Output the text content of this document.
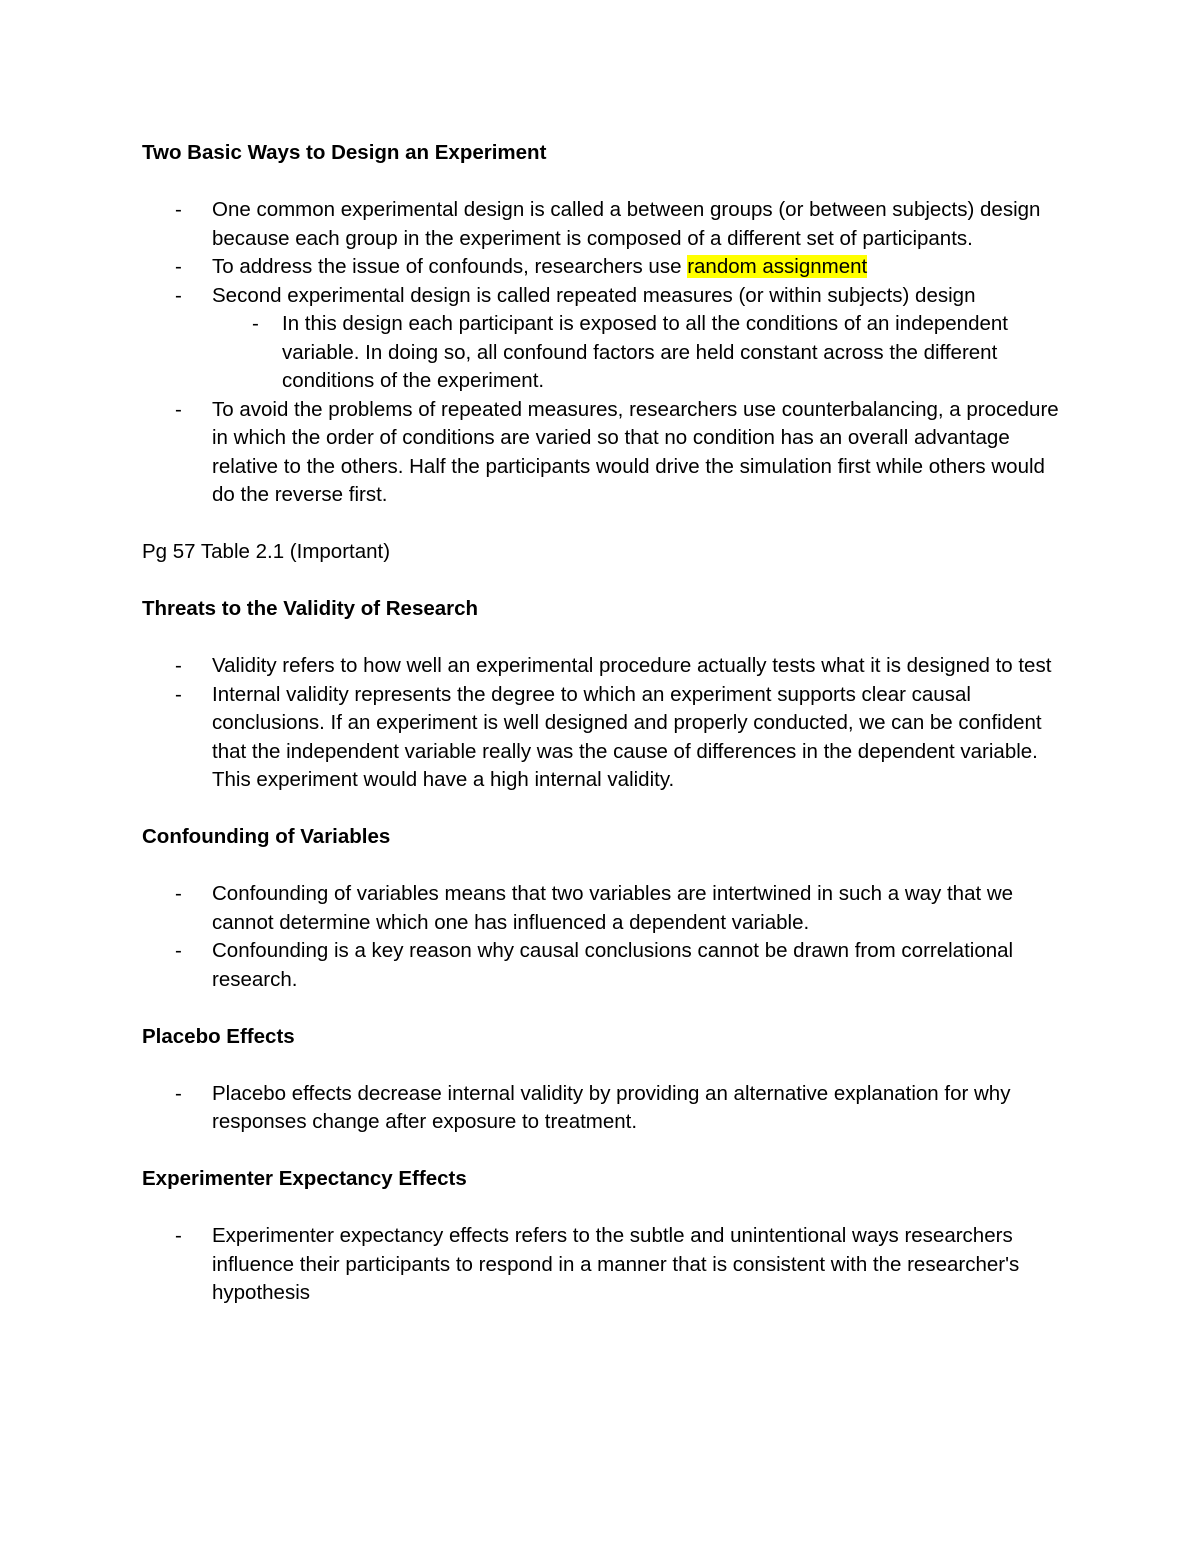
Two Basic Ways to Design an Experiment

- One common experimental design is called a between groups (or between subjects) design because each group in the experiment is composed of a different set of participants.
- To address the issue of confounds, researchers use random assignment
- Second experimental design is called repeated measures (or within subjects) design
- In this design each participant is exposed to all the conditions of an independent variable. In doing so, all confound factors are held constant across the different conditions of the experiment.
- To avoid the problems of repeated measures, researchers use counterbalancing, a procedure in which the order of conditions are varied so that no condition has an overall advantage relative to the others. Half the participants would drive the simulation first while others would do the reverse first.

Pg 57 Table 2.1 (Important)

Threats to the Validity of Research

- Validity refers to how well an experimental procedure actually tests what it is designed to test
- Internal validity represents the degree to which an experiment supports clear causal conclusions. If an experiment is well designed and properly conducted, we can be confident that the independent variable really was the cause of differences in the dependent variable. This experiment would have a high internal validity.

Confounding of Variables

- Confounding of variables means that two variables are intertwined in such a way that we cannot determine which one has influenced a dependent variable.
- Confounding is a key reason why causal conclusions cannot be drawn from correlational research.

Placebo Effects

- Placebo effects decrease internal validity by providing an alternative explanation for why responses change after exposure to treatment.

Experimenter Expectancy Effects

- Experimenter expectancy effects refers to the subtle and unintentional ways researchers influence their participants to respond in a manner that is consistent with the researcher's hypothesis
